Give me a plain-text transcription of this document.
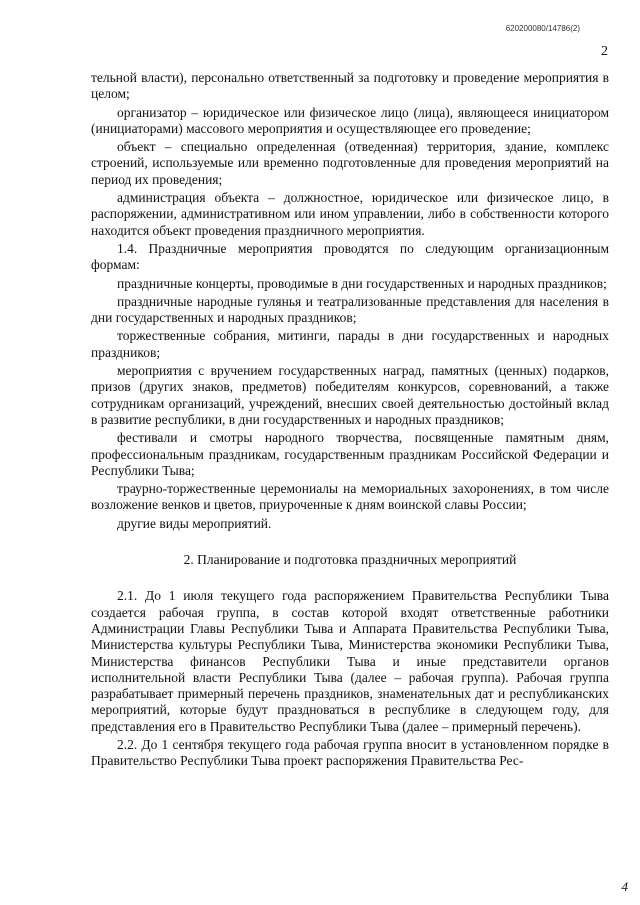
620200080/14786(2)
2

тельной власти), персонально ответственный за подготовку и проведение мероприятия в целом;

организатор – юридическое или физическое лицо (лица), являющееся инициатором (инициаторами) массового мероприятия и осуществляющее его проведение;

объект – специально определенная (отведенная) территория, здание, комплекс строений, используемые или временно подготовленные для проведения мероприятий на период их проведения;

администрация объекта – должностное, юридическое или физическое лицо, в распоряжении, административном или ином управлении, либо в собственности которого находится объект проведения праздничного мероприятия.

1.4. Праздничные мероприятия проводятся по следующим организационным формам:

праздничные концерты, проводимые в дни государственных и народных праздников;

праздничные народные гулянья и театрализованные представления для населения в дни государственных и народных праздников;

торжественные собрания, митинги, парады в дни государственных и народных праздников;

мероприятия с вручением государственных наград, памятных (ценных) подарков, призов (других знаков, предметов) победителям конкурсов, соревнований, а также сотрудникам организаций, учреждений, внесших своей деятельностью достойный вклад в развитие республики, в дни государственных и народных праздников;

фестивали и смотры народного творчества, посвященные памятным дням, профессиональным праздникам, государственным праздникам Российской Федерации и Республики Тыва;

траурно-торжественные церемониалы на мемориальных захоронениях, в том числе возложение венков и цветов, приуроченные к дням воинской славы России;

другие виды мероприятий.

2. Планирование и подготовка праздничных мероприятий

2.1. До 1 июля текущего года распоряжением Правительства Республики Тыва создается рабочая группа, в состав которой входят ответственные работники Администрации Главы Республики Тыва и Аппарата Правительства Республики Тыва, Министерства культуры Республики Тыва, Министерства экономики Республики Тыва, Министерства финансов Республики Тыва и иные представители органов исполнительной власти Республики Тыва (далее – рабочая группа). Рабочая группа разрабатывает примерный перечень праздников, знаменательных дат и республиканских мероприятий, которые будут праздноваться в республике в следующем году, для представления его в Правительство Республики Тыва (далее – примерный перечень).

2.2. До 1 сентября текущего года рабочая группа вносит в установленном порядке в Правительство Республики Тыва проект распоряжения Правительства Рес-

4
